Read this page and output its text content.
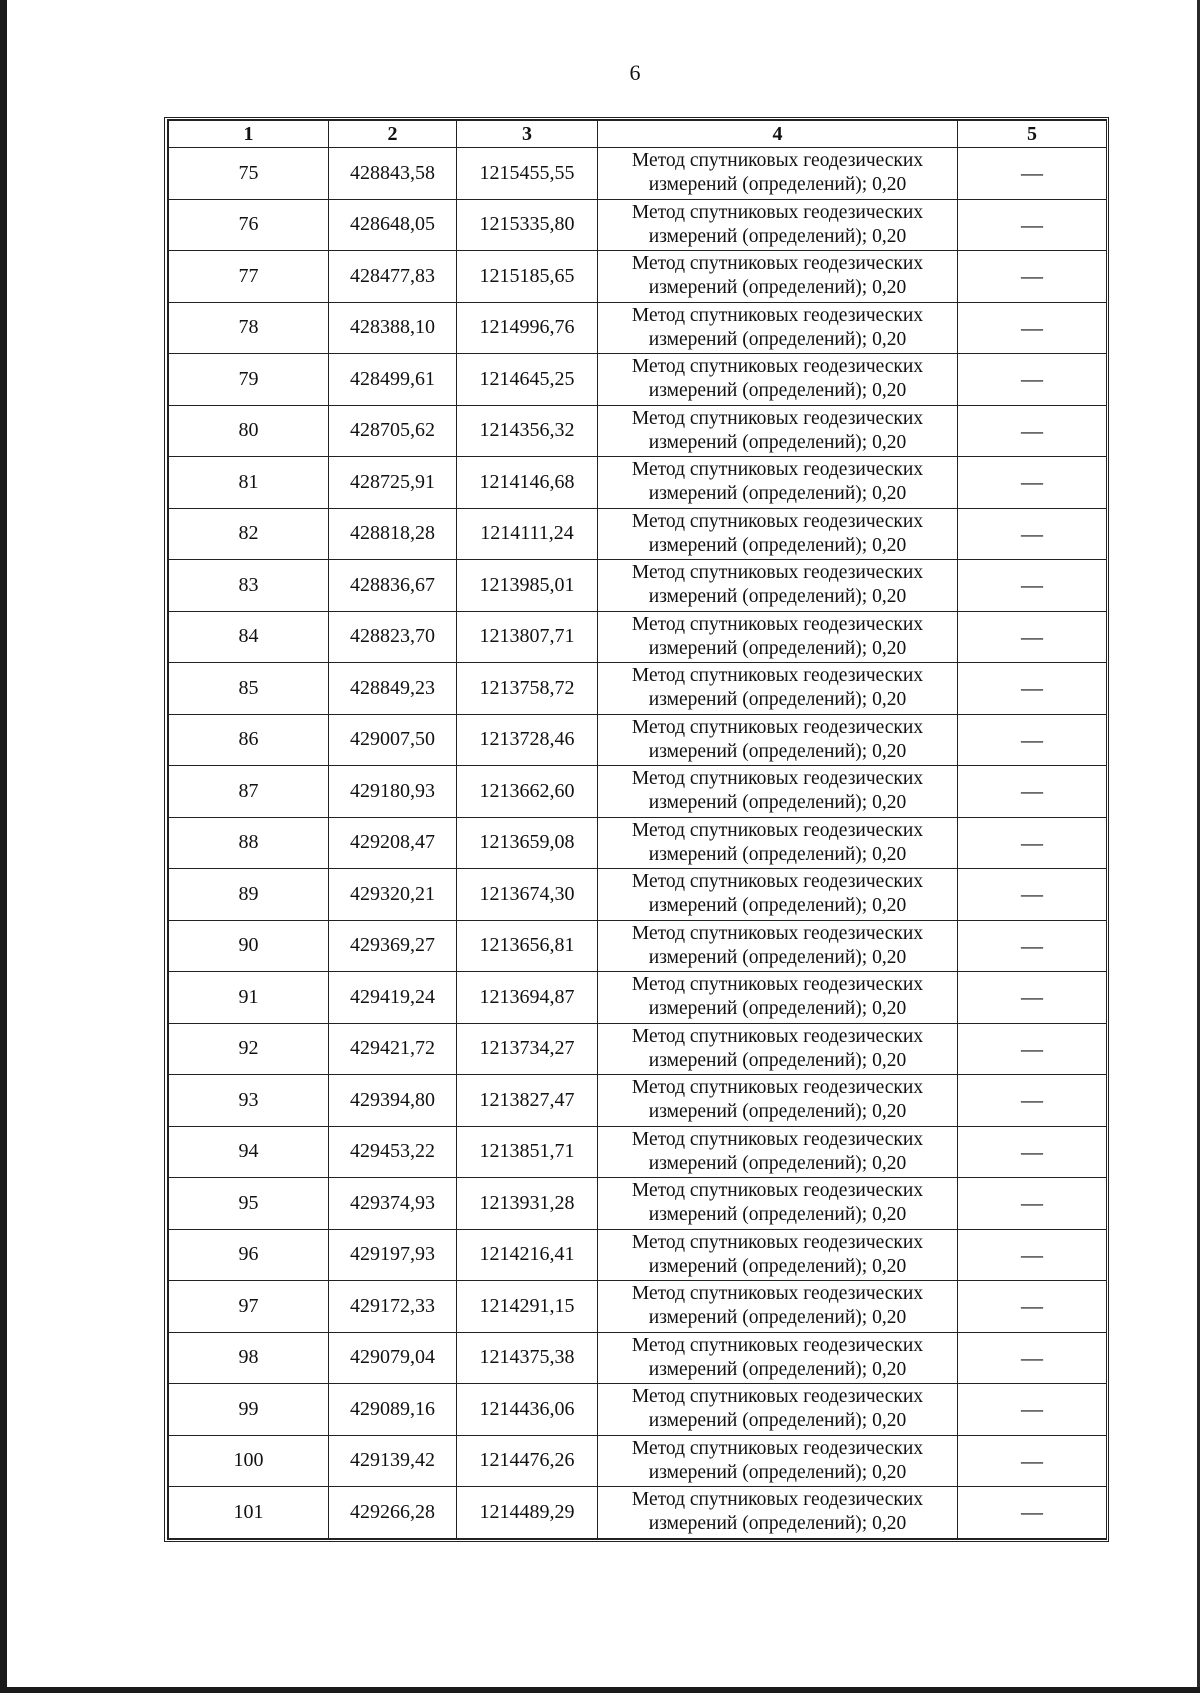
6
1	2	3	4	5
75	428843,58	1215455,55	Метод спутниковых геодезических
измерений (определений); 0,20	—
76	428648,05	1215335,80	Метод спутниковых геодезических
измерений (определений); 0,20	—
77	428477,83	1215185,65	Метод спутниковых геодезических
измерений (определений); 0,20	—
78	428388,10	1214996,76	Метод спутниковых геодезических
измерений (определений); 0,20	—
79	428499,61	1214645,25	Метод спутниковых геодезических
измерений (определений); 0,20	—
80	428705,62	1214356,32	Метод спутниковых геодезических
измерений (определений); 0,20	—
81	428725,91	1214146,68	Метод спутниковых геодезических
измерений (определений); 0,20	—
82	428818,28	1214111,24	Метод спутниковых геодезических
измерений (определений); 0,20	—
83	428836,67	1213985,01	Метод спутниковых геодезических
измерений (определений); 0,20	—
84	428823,70	1213807,71	Метод спутниковых геодезических
измерений (определений); 0,20	—
85	428849,23	1213758,72	Метод спутниковых геодезических
измерений (определений); 0,20	—
86	429007,50	1213728,46	Метод спутниковых геодезических
измерений (определений); 0,20	—
87	429180,93	1213662,60	Метод спутниковых геодезических
измерений (определений); 0,20	—
88	429208,47	1213659,08	Метод спутниковых геодезических
измерений (определений); 0,20	—
89	429320,21	1213674,30	Метод спутниковых геодезических
измерений (определений); 0,20	—
90	429369,27	1213656,81	Метод спутниковых геодезических
измерений (определений); 0,20	—
91	429419,24	1213694,87	Метод спутниковых геодезических
измерений (определений); 0,20	—
92	429421,72	1213734,27	Метод спутниковых геодезических
измерений (определений); 0,20	—
93	429394,80	1213827,47	Метод спутниковых геодезических
измерений (определений); 0,20	—
94	429453,22	1213851,71	Метод спутниковых геодезических
измерений (определений); 0,20	—
95	429374,93	1213931,28	Метод спутниковых геодезических
измерений (определений); 0,20	—
96	429197,93	1214216,41	Метод спутниковых геодезических
измерений (определений); 0,20	—
97	429172,33	1214291,15	Метод спутниковых геодезических
измерений (определений); 0,20	—
98	429079,04	1214375,38	Метод спутниковых геодезических
измерений (определений); 0,20	—
99	429089,16	1214436,06	Метод спутниковых геодезических
измерений (определений); 0,20	—
100	429139,42	1214476,26	Метод спутниковых геодезических
измерений (определений); 0,20	—
101	429266,28	1214489,29	Метод спутниковых геодезических
измерений (определений); 0,20	—
